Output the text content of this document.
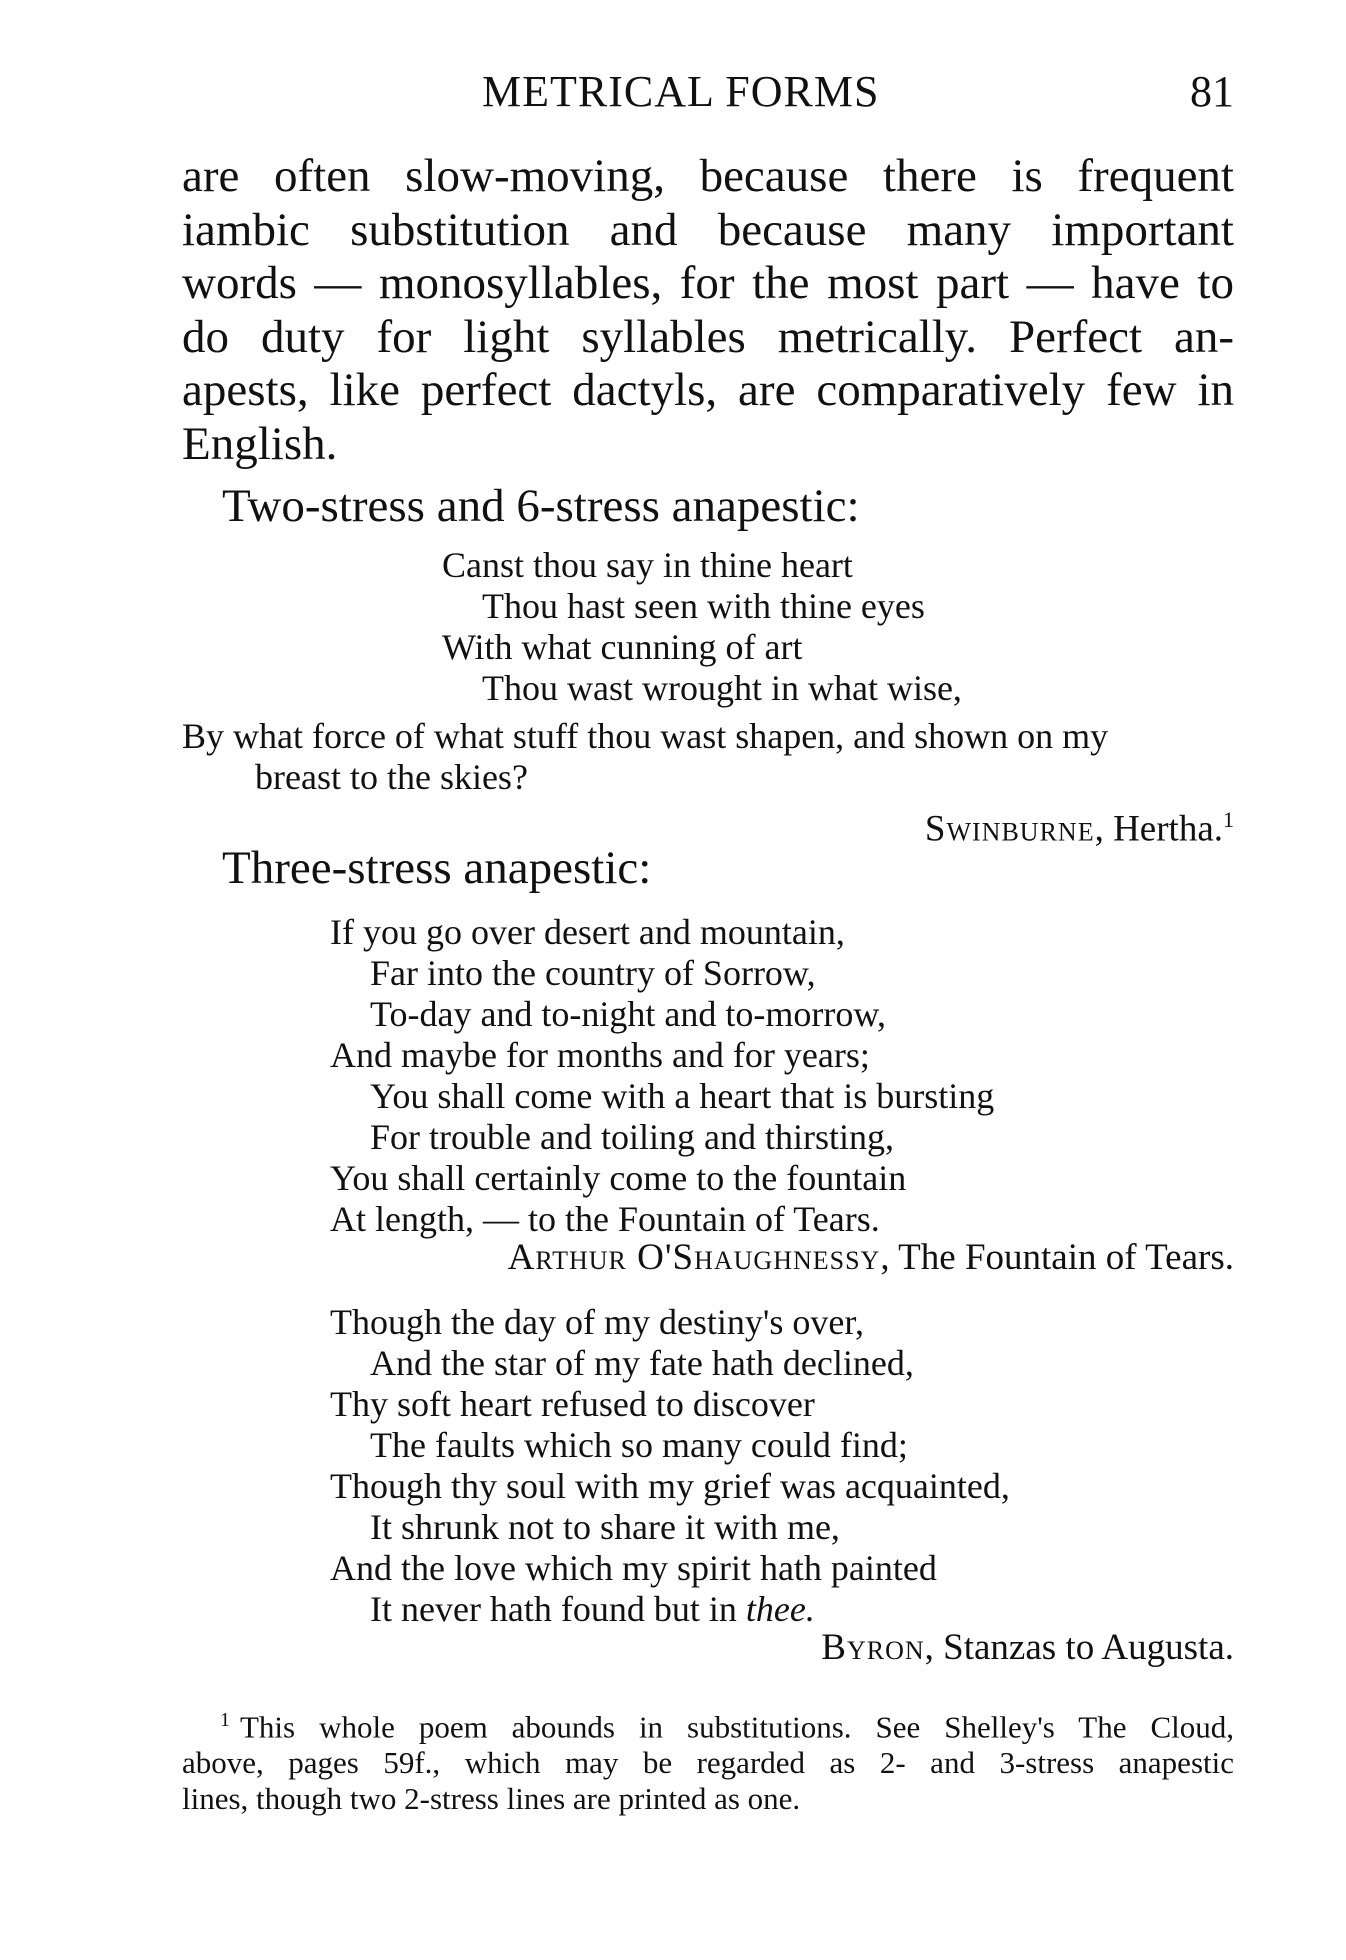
METRICAL FORMS	81
are often slow-moving, because there is frequent
iambic substitution and because many important
words — monosyllables, for the most part — have to
do duty for light syllables metrically. Perfect an-
apests, like perfect dactyls, are comparatively few in
English.
Two-stress and 6-stress anapestic:
Canst thou say in thine heart
Thou hast seen with thine eyes
With what cunning of art
Thou wast wrought in what wise,
By what force of what stuff thou wast shapen, and shown on my
breast to the skies?
Swinburne, Hertha.$^1$
Three-stress anapestic:
If you go over desert and mountain,
Far into the country of Sorrow,
To-day and to-night and to-morrow,
And maybe for months and for years;
You shall come with a heart that is bursting
For trouble and toiling and thirsting,
You shall certainly come to the fountain
At length, — to the Fountain of Tears.
Arthur O'Shaughnessy, The Fountain of Tears.
Though the day of my destiny's over,
And the star of my fate hath declined,
Thy soft heart refused to discover
The faults which so many could find;
Though thy soul with my grief was acquainted,
It shrunk not to share it with me,
And the love which my spirit hath painted
It never hath found but in thee.
Byron, Stanzas to Augusta.
$^1$ This whole poem abounds in substitutions. See Shelley's The Cloud,
above, pages 59f., which may be regarded as 2- and 3-stress anapestic
lines, though two 2-stress lines are printed as one.
